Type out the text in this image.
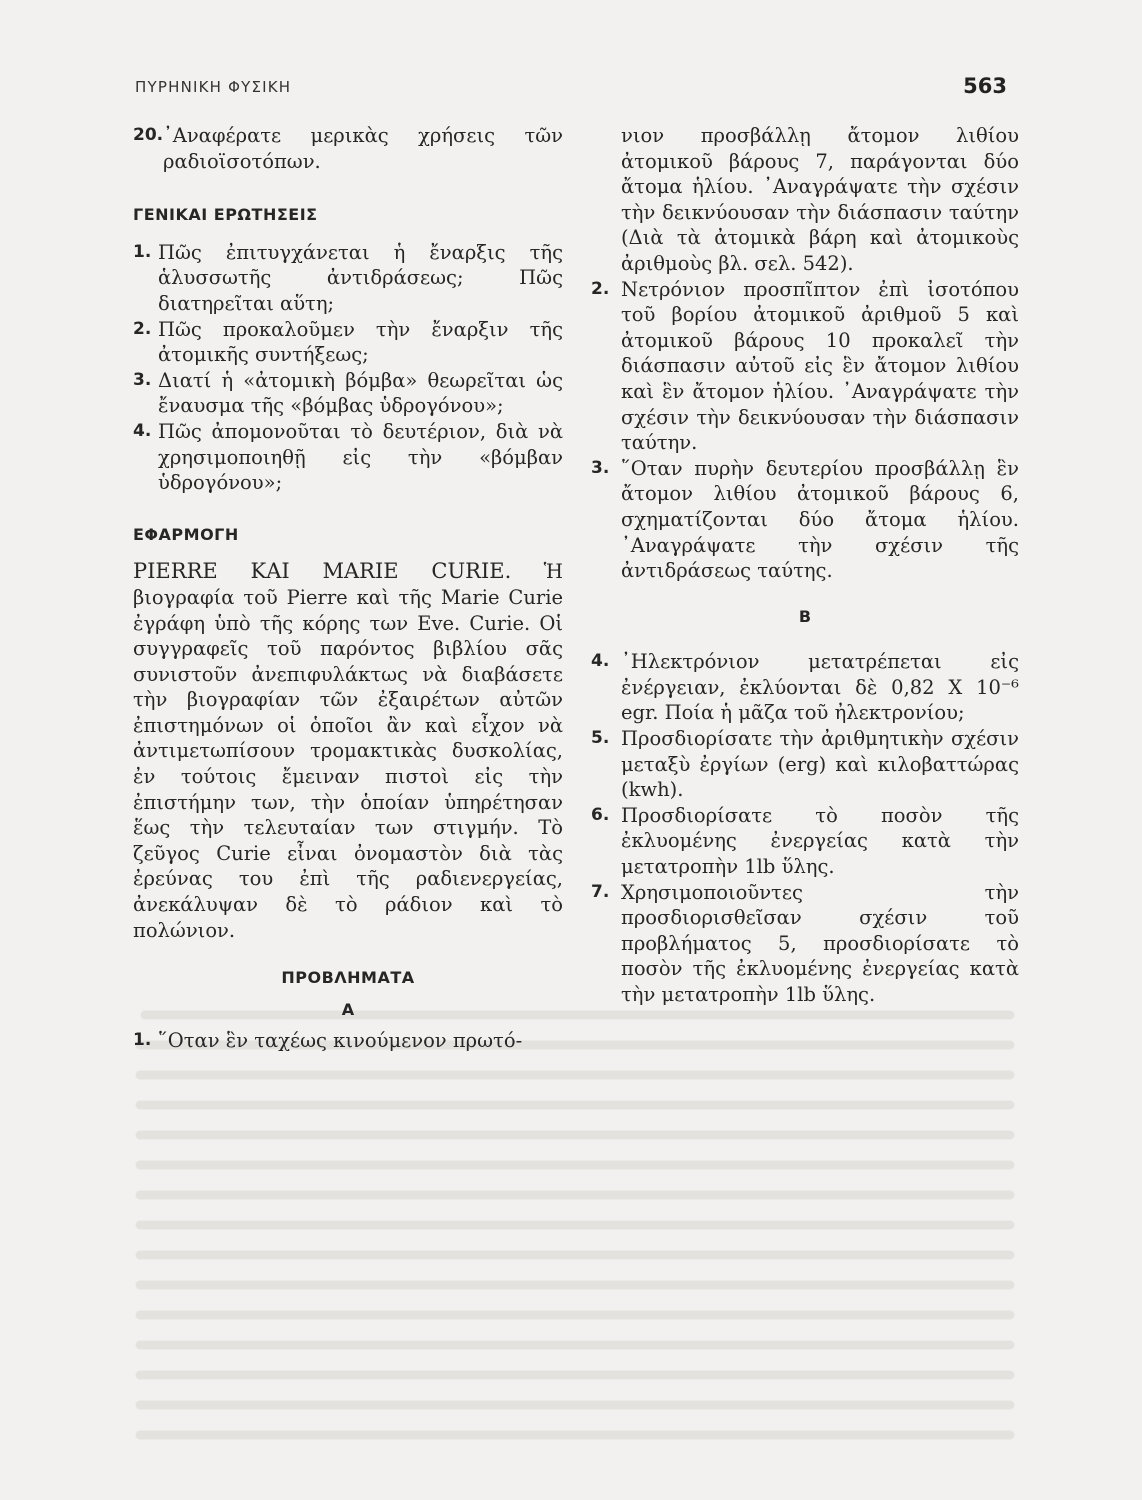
ΠΥΡΗΝΙΚΗ ΦΥΣΙΚΗ	563
20. ᾿Αναφέρατε μερικὰς χρήσεις τῶν ραδιοϊσοτόπων.
ΓΕΝΙΚΑΙ ΕΡΩΤΗΣΕΙΣ
1. Πῶς ἐπιτυγχάνεται ἡ ἔναρξις τῆς ἁλυσσωτῆς ἀντιδράσεως; Πῶς διατηρεῖται αὕτη;
2. Πῶς προκαλοῦμεν τὴν ἔναρξιν τῆς ἀτομικῆς συντήξεως;
3. Διατί ἡ «ἀτομικὴ βόμβα» θεωρεῖται ὡς ἔναυσμα τῆς «βόμβας ὑδρογόνου»;
4. Πῶς ἀπομονοῦται τὸ δευτέριον, διὰ νὰ χρησιμοποιηθῇ εἰς τὴν «βόμβαν ὑδρογόνου»;
ΕΦΑΡΜΟΓΗ

PIERRE ΚΑΙ MARIE CURIE. Ἡ βιογραφία τοῦ Pierre καὶ τῆς Marie Curie ἐγράφη ὑπὸ τῆς κόρης των Eve. Curie. Οἱ συγγραφεῖς τοῦ παρόντος βιβλίου σᾶς συνιστοῦν ἀνεπιφυλάκτως νὰ διαβάσετε τὴν βιογραφίαν τῶν ἐξαιρέτων αὐτῶν ἐπιστημόνων οἱ ὁποῖοι ἂν καὶ εἶχον νὰ ἀντιμετωπίσουν τρομακτικὰς δυσκολίας, ἐν τούτοις ἔμειναν πιστοὶ εἰς τὴν ἐπιστήμην των, τὴν ὁποίαν ὑπηρέτησαν ἕως τὴν τελευταίαν των στιγμήν. Τὸ ζεῦγος Curie εἶναι ὀνομαστὸν διὰ τὰς ἐρεύνας του ἐπὶ τῆς ραδιενεργείας, ἀνεκάλυψαν δὲ τὸ ράδιον καὶ τὸ πολώνιον.

ΠΡΟΒΛΗΜΑΤΑ
Α
1. ῞Οταν ἓν ταχέως κινούμενον πρωτό-

νιον προσβάλλῃ ἄτομον λιθίου ἀτομικοῦ βάρους 7, παράγονται δύο ἄτομα ἡλίου. ᾿Αναγράψατε τὴν σχέσιν τὴν δεικνύουσαν τὴν διάσπασιν ταύτην (Διὰ τὰ ἀτομικὰ βάρη καὶ ἀτομικοὺς ἀριθμοὺς βλ. σελ. 542).

2. Νετρόνιον προσπῖπτον ἐπὶ ἰσοτόπου τοῦ βορίου ἀτομικοῦ ἀριθμοῦ 5 καὶ ἀτομικοῦ βάρους 10 προκαλεῖ τὴν διάσπασιν αὐτοῦ εἰς ἓν ἄτομον λιθίου καὶ ἓν ἄτομον ἡλίου. ᾿Αναγράψατε τὴν σχέσιν τὴν δεικνύουσαν τὴν διάσπασιν ταύτην.
3. ῞Οταν πυρὴν δευτερίου προσβάλλῃ ἓν ἄτομον λιθίου ἀτομικοῦ βάρους 6, σχηματίζονται δύο ἄτομα ἡλίου. ᾿Αναγράψατε τὴν σχέσιν τῆς ἀντιδράσεως ταύτης.
Β
4. ᾿Ηλεκτρόνιον μετατρέπεται εἰς ἐνέργειαν, ἐκλύονται δὲ 0,82 Χ 10⁻⁶ egr. Ποία ἡ μᾶζα τοῦ ἠλεκτρονίου;
5. Προσδιορίσατε τὴν ἀριθμητικὴν σχέσιν μεταξὺ ἐργίων (erg) καὶ κιλοβαττώρας (kwh).
6. Προσδιορίσατε τὸ ποσὸν τῆς ἐκλυομένης ἐνεργείας κατὰ τὴν μετατροπὴν 1lb ὕλης.
7. Χρησιμοποιοῦντες τὴν προσδιορισθεῖσαν σχέσιν τοῦ προβλήματος 5, προσδιορίσατε τὸ ποσὸν τῆς ἐκλυομένης ἐνεργείας κατὰ τὴν μετατροπὴν 1lb ὕλης.
